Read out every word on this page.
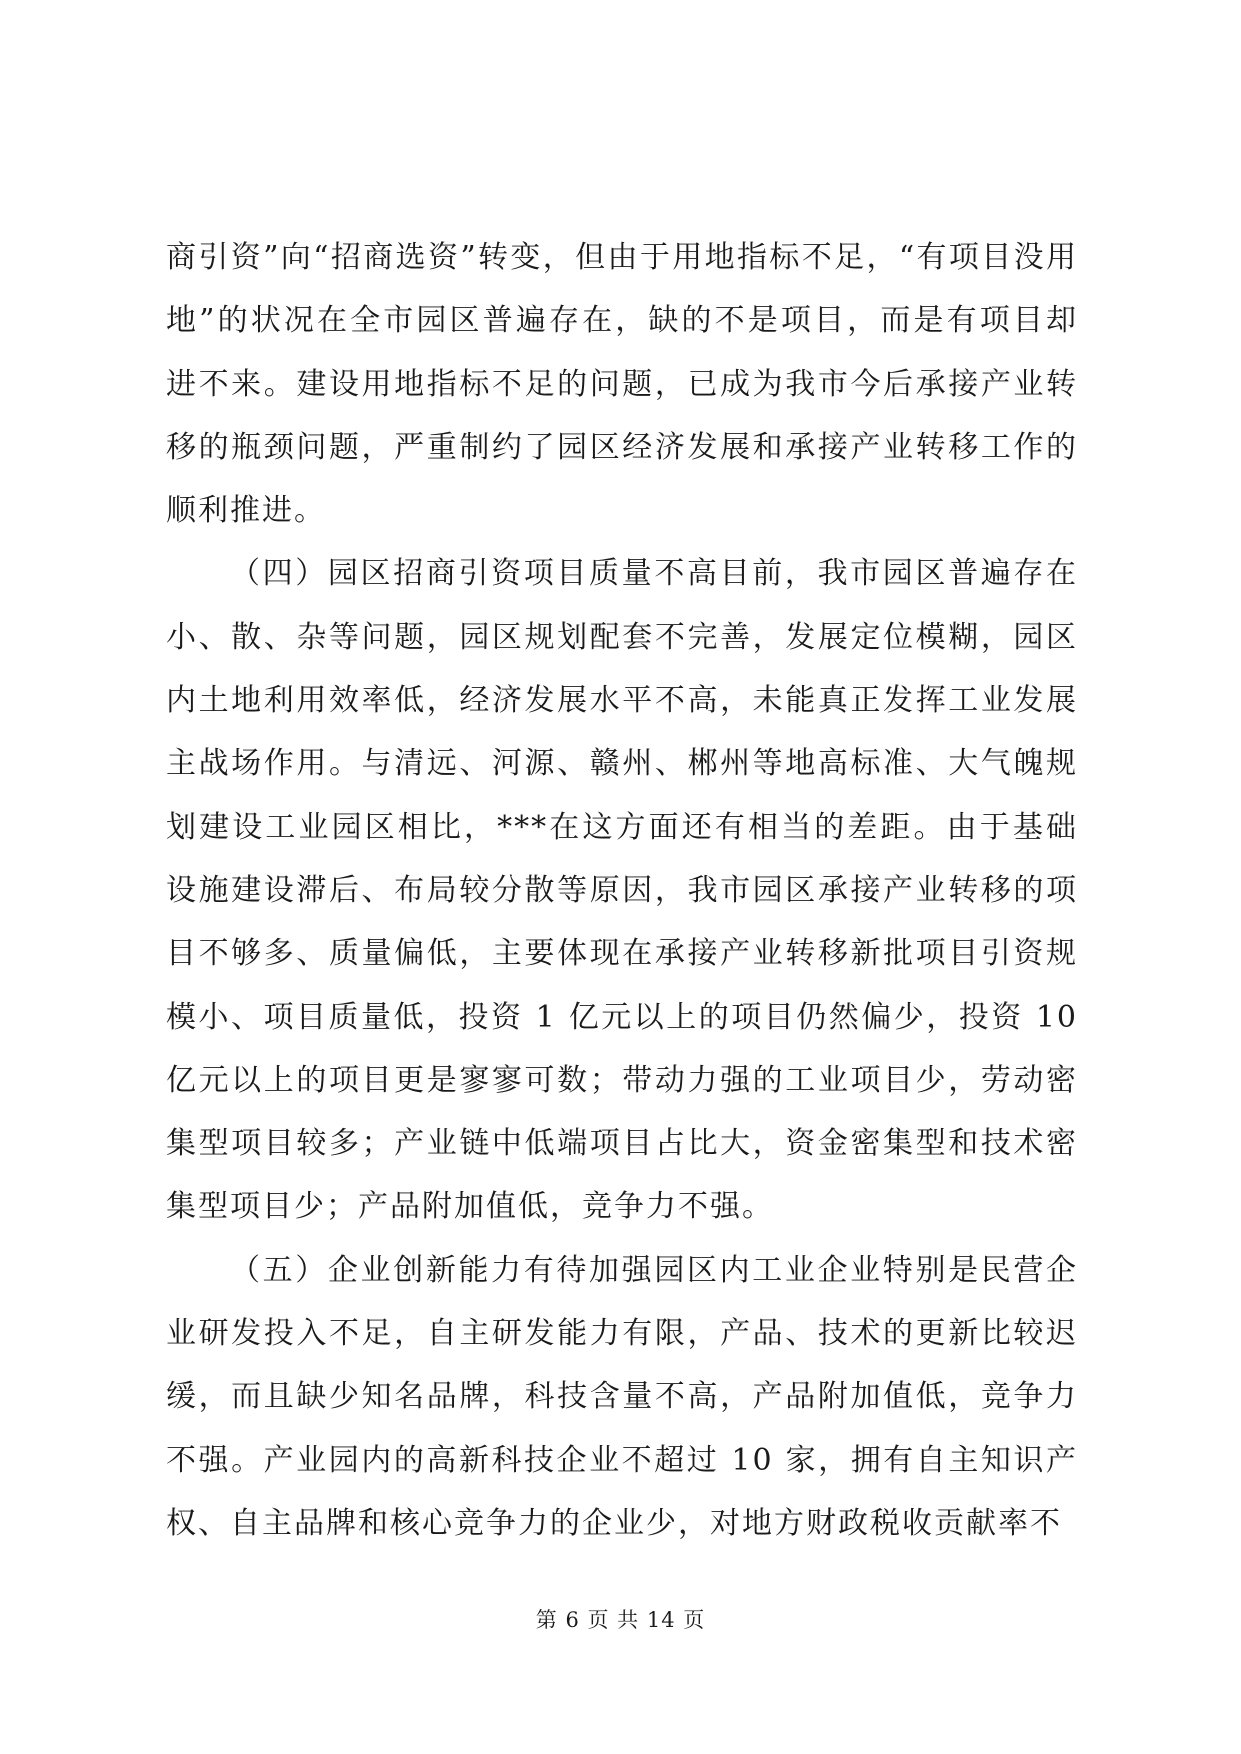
商引资”向“招商选资”转变，但由于用地指标不足，“有项目没用地”的状况在全市园区普遍存在，缺的不是项目，而是有项目却进不来。建设用地指标不足的问题，已成为我市今后承接产业转移的瓶颈问题，严重制约了园区经济发展和承接产业转移工作的顺利推进。

（四）园区招商引资项目质量不高目前，我市园区普遍存在小、散、杂等问题，园区规划配套不完善，发展定位模糊，园区内土地利用效率低，经济发展水平不高，未能真正发挥工业发展主战场作用。与清远、河源、赣州、郴州等地高标准、大气魄规划建设工业园区相比，***在这方面还有相当的差距。由于基础设施建设滞后、布局较分散等原因，我市园区承接产业转移的项目不够多、质量偏低，主要体现在承接产业转移新批项目引资规模小、项目质量低，投资 1 亿元以上的项目仍然偏少，投资 10 亿元以上的项目更是寥寥可数；带动力强的工业项目少，劳动密集型项目较多；产业链中低端项目占比大，资金密集型和技术密集型项目少；产品附加值低，竞争力不强。

（五）企业创新能力有待加强园区内工业企业特别是民营企业研发投入不足，自主研发能力有限，产品、技术的更新比较迟缓，而且缺少知名品牌，科技含量不高，产品附加值低，竞争力不强。产业园内的高新科技企业不超过 10 家，拥有自主知识产权、自主品牌和核心竞争力的企业少，对地方财政税收贡献率不

第 6 页 共 14 页
